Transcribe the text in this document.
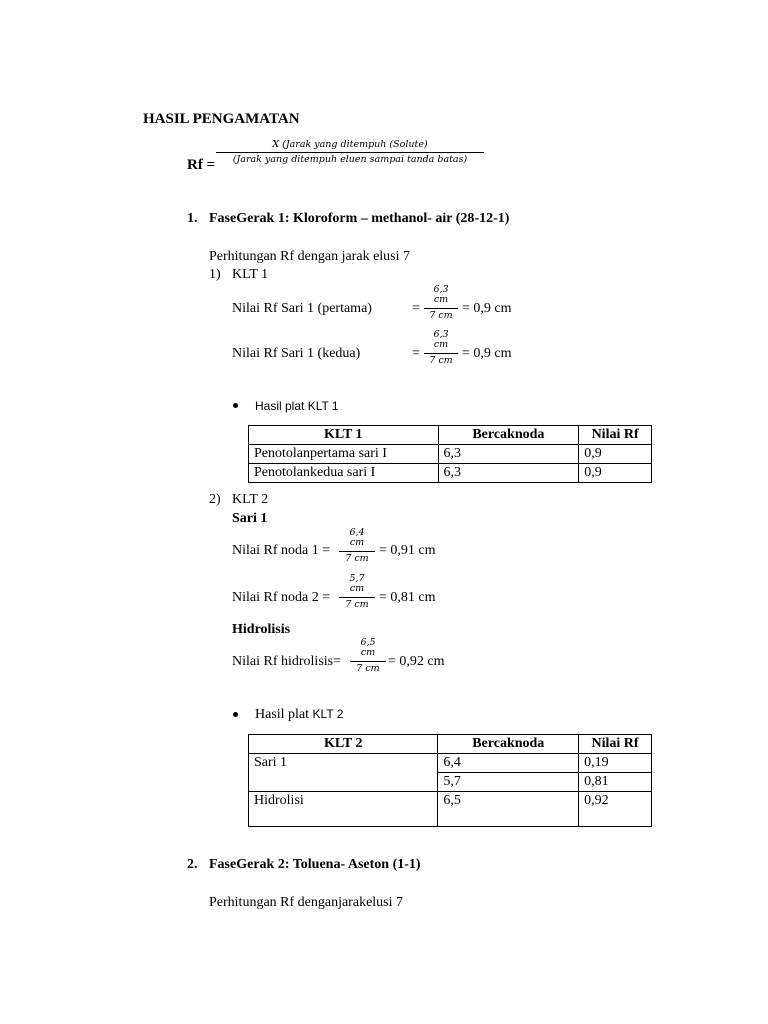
HASIL PENGAMATAN
Rf =
X (Jarak yang ditempuh (Solute)
(Jarak yang ditempuh eluen sampai tanda batas)
1. FaseGerak 1: Kloroform – methanol- air (28-12-1)
Perhitungan Rf dengan jarak elusi 7
1) KLT 1
Nilai Rf Sari 1 (pertama)	=
6,3 cm
7 cm = 0,9 cm
Nilai Rf Sari 1 (kedua)	=
6,3 cm
7 cm = 0,9 cm
Hasil plat KLT 1
KLT 1	Bercaknoda	Nilai Rf
Penotolanpertama sari I	6,3	0,9
Penotolankedua sari I	6,3	0,9
2) KLT 2
Sari 1
Nilai Rf noda 1 =
6,4 cm
7 cm
= 0,91 cm
Nilai Rf noda 2 =
5,7 cm
7 cm = 0,81 cm
Hidrolisis
Nilai Rf hidrolisis=
6,5 cm
7 cm = 0,92 cm
Hasil plat KLT 2
KLT 2	Bercaknoda	Nilai Rf
Sari 1	6,4	0,19
	5,7	0,81
Hidrolisi	6,5	0,92
2. FaseGerak 2: Toluena- Aseton (1-1)
Perhitungan Rf denganjarakelusi 7
